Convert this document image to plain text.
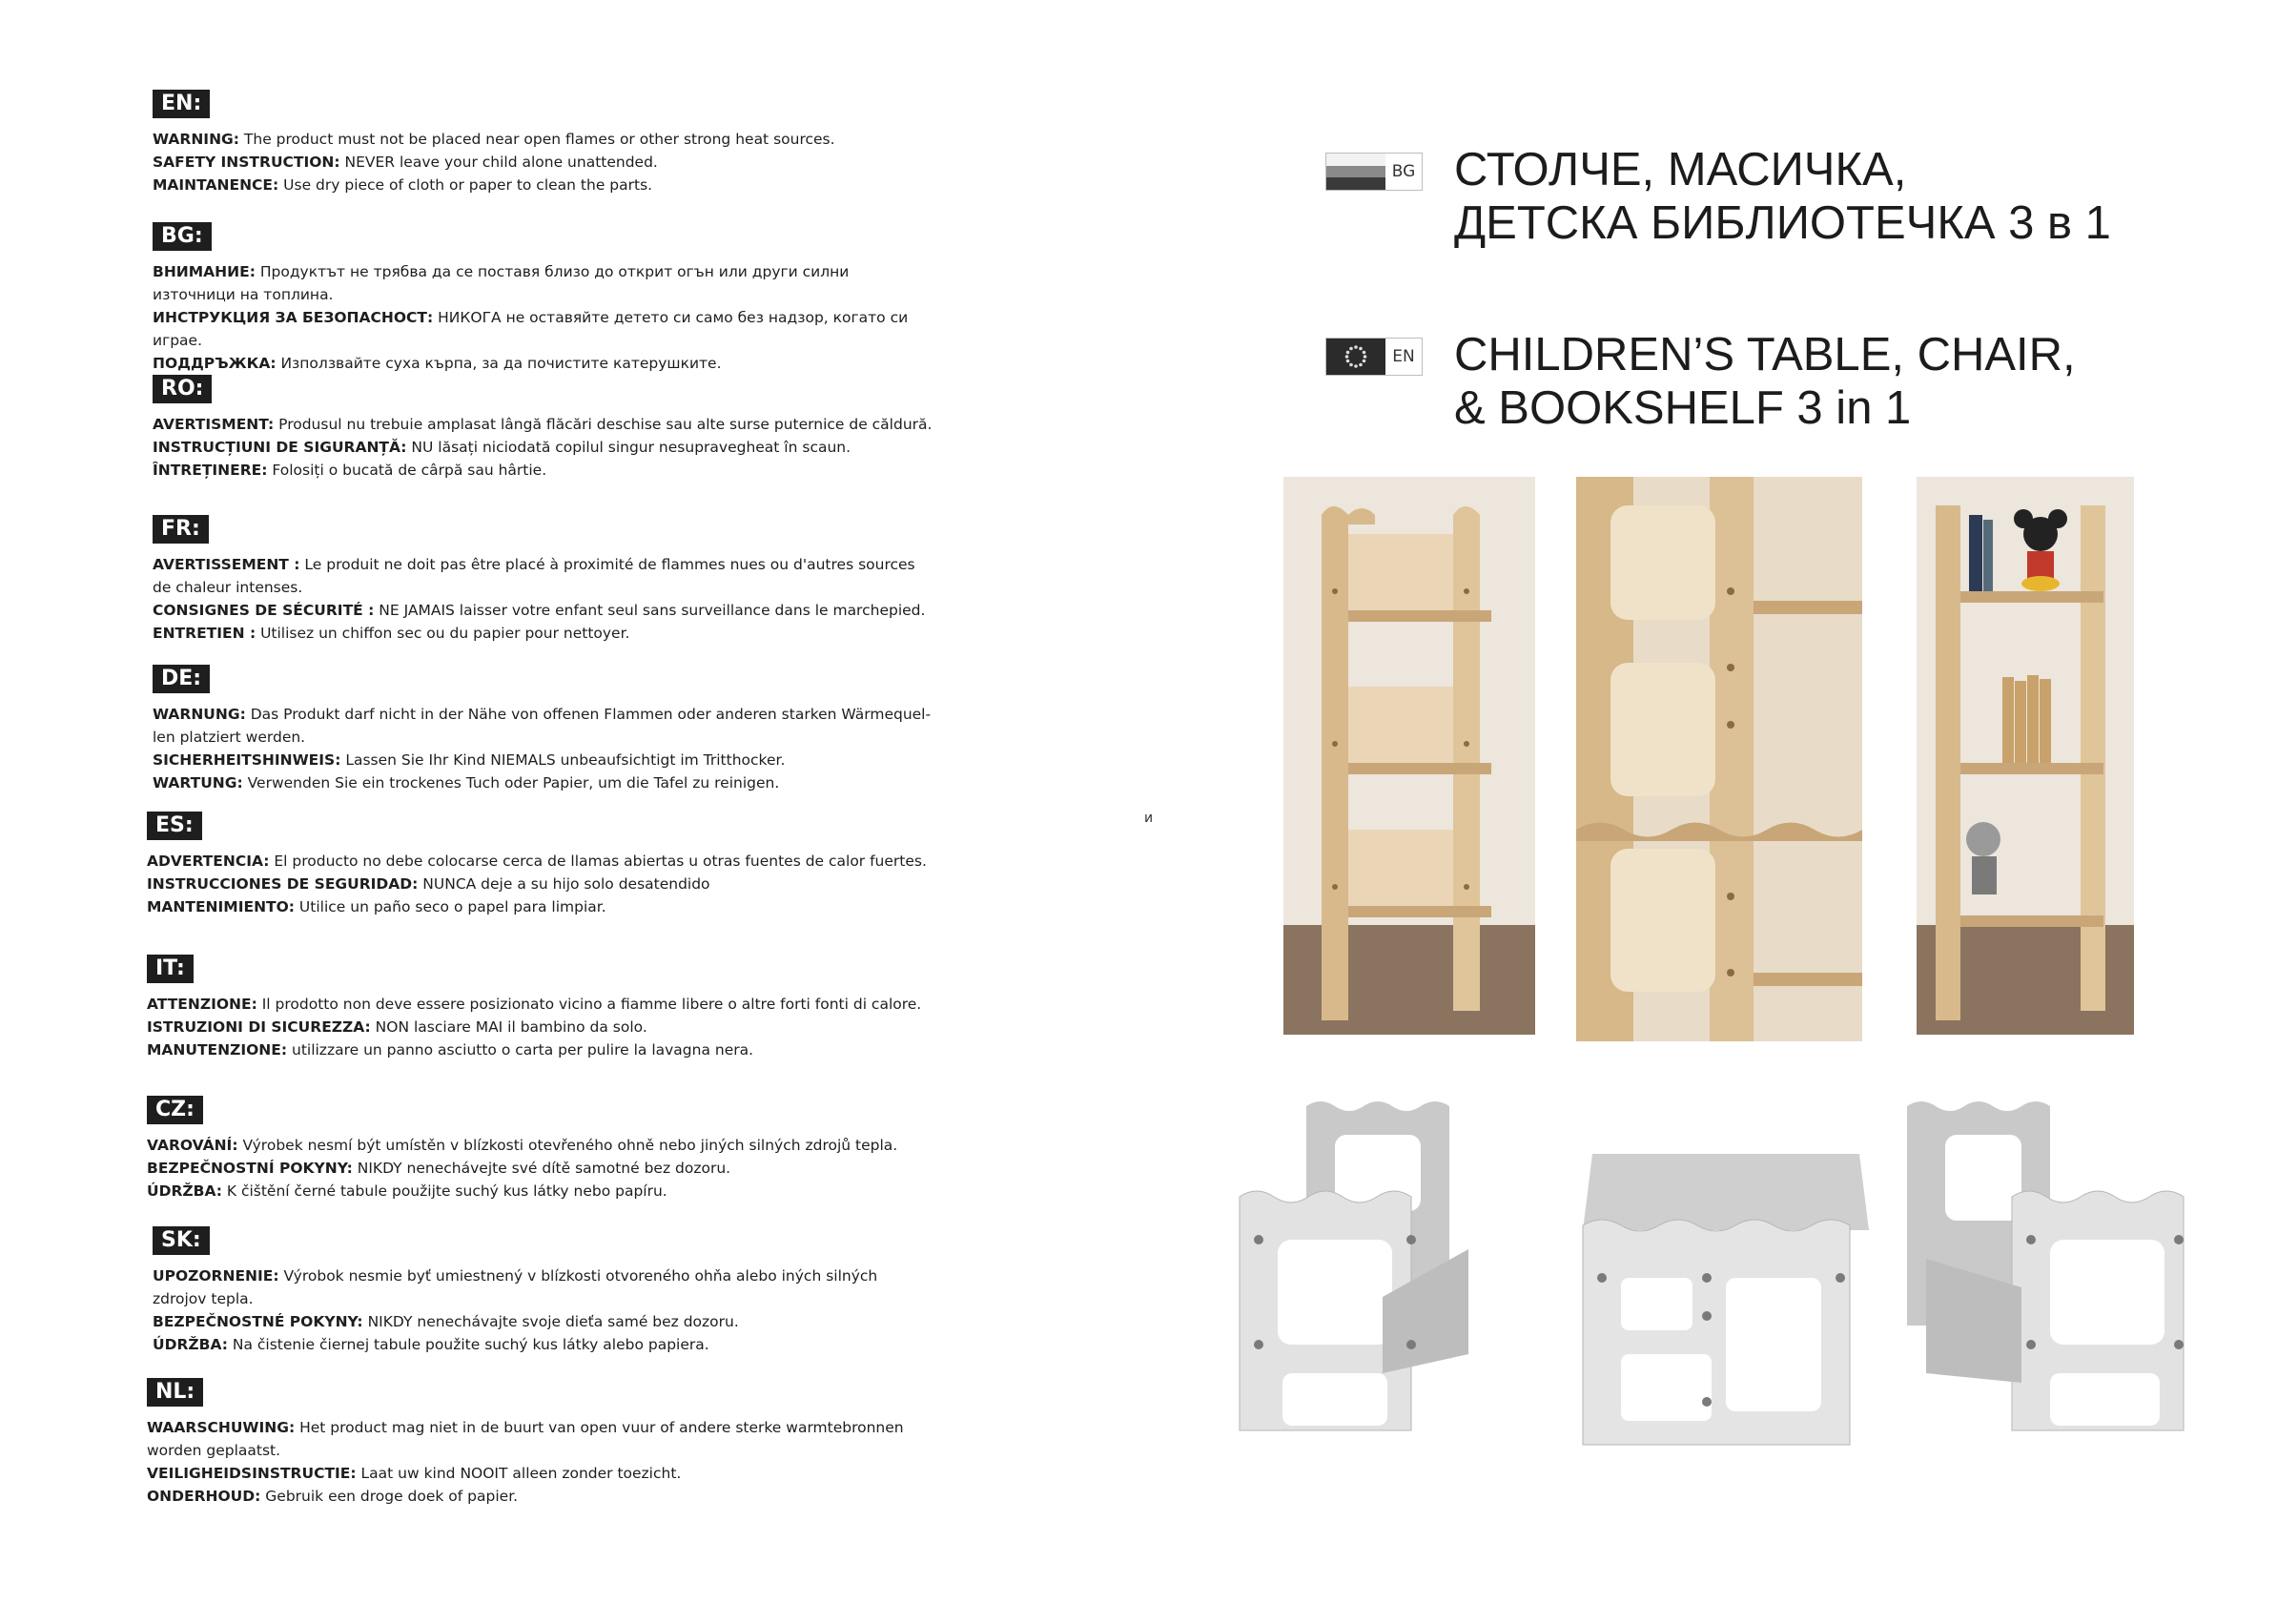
EN:
WARNING: The product must not be placed near open flames or other strong heat sources.
SAFETY INSTRUCTION: NEVER leave your child alone unattended.
MAINTANENCE: Use dry piece of cloth or paper to clean the parts.
BG:
ВНИМАНИЕ: Продуктът не трябва да се поставя близо до открит огън или други силни източници на топлина.
ИНСТРУКЦИЯ ЗА БЕЗОПАСНОСТ: НИКОГА не оставяйте детето си само без надзор, когато си играе.
ПОДДРЪЖКА: Използвайте суха кърпа, за да почистите катерушките.
RO:
AVERTISMENT: Produsul nu trebuie amplasat lângă flăcări deschise sau alte surse puternice de căldură.
INSTRUCȚIUNI DE SIGURANȚĂ: NU lăsați niciodată copilul singur nesupravegheat în scaun.
ÎNTREȚINERE: Folosiți o bucată de cârpă sau hârtie.
FR:
AVERTISSEMENT : Le produit ne doit pas être placé à proximité de flammes nues ou d'autres sources de chaleur intenses.
CONSIGNES DE SÉCURITÉ : NE JAMAIS laisser votre enfant seul sans surveillance dans le marchepied.
ENTRETIEN : Utilisez un chiffon sec ou du papier pour nettoyer.
DE:
WARNUNG: Das Produkt darf nicht in der Nähe von offenen Flammen oder anderen starken Wärmequel-len platziert werden.
SICHERHEITSHINWEIS: Lassen Sie Ihr Kind NIEMALS unbeaufsichtigt im Tritthocker.
WARTUNG: Verwenden Sie ein trockenes Tuch oder Papier, um die Tafel zu reinigen.
ES:
ADVERTENCIA: El producto no debe colocarse cerca de llamas abiertas u otras fuentes de calor fuertes.
INSTRUCCIONES DE SEGURIDAD: NUNCA deje a su hijo solo desatendido
MANTENIMIENTO: Utilice un paño seco o papel para limpiar.
IT:
ATTENZIONE: Il prodotto non deve essere posizionato vicino a fiamme libere o altre forti fonti di calore.
ISTRUZIONI DI SICUREZZA: NON lasciare MAI il bambino da solo.
MANUTENZIONE: utilizzare un panno asciutto o carta per pulire la lavagna nera.
CZ:
VAROVÁNÍ: Výrobek nesmí být umístěn v blízkosti otevřeného ohně nebo jiných silných zdrojů tepla.
BEZPEČNOSTNÍ POKYNY: NIKDY nenechávejte své dítě samotné bez dozoru.
ÚDRŽBA: K čištění černé tabule použijte suchý kus látky nebo papíru.
SK:
UPOZORNENIE: Výrobok nesmie byť umiestnený v blízkosti otvoreného ohňa alebo iných silných zdrojov tepla.
BEZPEČNOSTNÉ POKYNY: NIKDY nenechávajte svoje dieťa samé bez dozoru.
ÚDRŽBA: Na čistenie čiernej tabule použite suchý kus látky alebo papiera.
NL:
WAARSCHUWING: Het product mag niet in de buurt van open vuur of andere sterke warmtebronnen worden geplaatst.
VEILIGHEIDSINSTRUCTIE: Laat uw kind NOOIT alleen zonder toezicht.
ONDERHOUD: Gebruik een droge doek of papier.
и
BG СТОЛЧЕ, МАСИЧКА,
ДЕТСКА БИБЛИОТЕЧКА 3 в 1
EN CHILDREN’S TABLE, CHAIR,
& BOOKSHELF 3 in 1
